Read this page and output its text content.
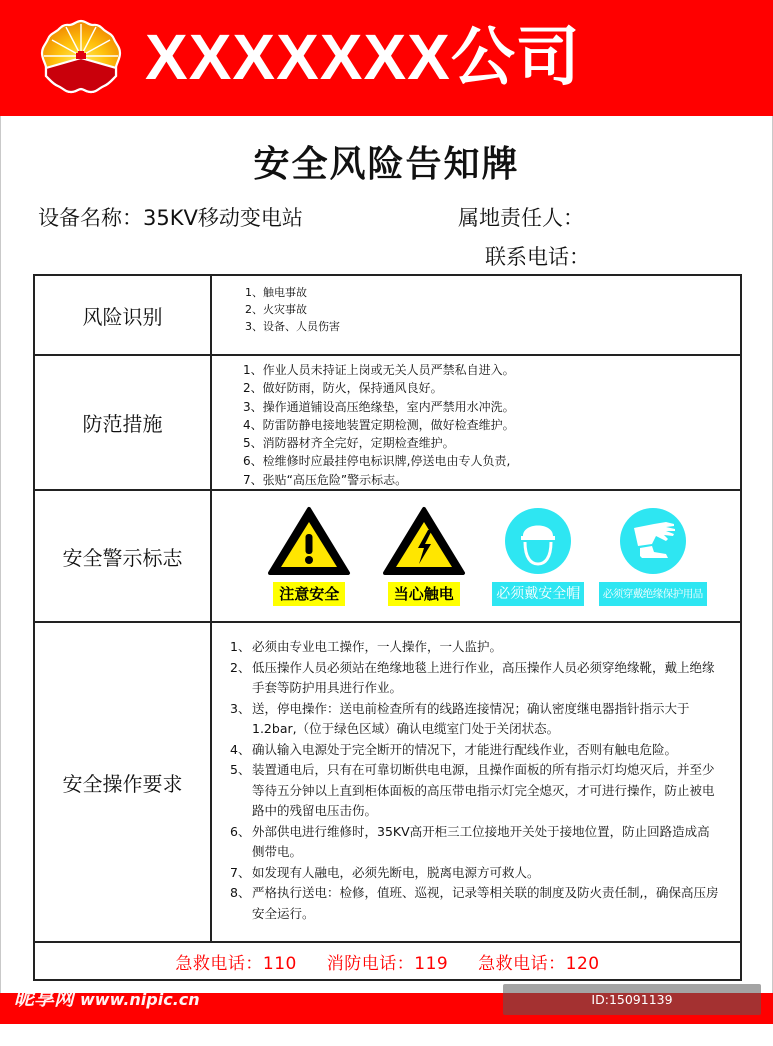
XXXXXXX公司
安全风险告知牌
设备名称：35KV移动变电站	属地责任人：
联系电话：
风险识别	
1、触电事故
2、火灾事故
3、设备、人员伤害

防范措施	
1、作业人员未持证上岗或无关人员严禁私自进入。
2、做好防雨，防火，保持通风良好。
3、操作通道铺设高压绝缘垫，室内严禁用水冲洗。
4、防雷防静电接地装置定期检测，做好检查维护。
5、消防器材齐全完好，定期检查维护。
6、检维修时应最挂停电标识牌,停送电由专人负责,
7、张贴“高压危险”警示标志。

安全警示标志	注意安全 当心触电 必须戴安全帽 必须穿戴绝缘保护用品

安全操作要求	
1、 必须由专业电工操作，一人操作，一人监护。
2、 低压操作人员必须站在绝缘地毯上进行作业，高压操作人员必须穿绝缘靴，戴上绝缘手套等防护用具进行作业。
3、 送，停电操作：送电前检查所有的线路连接情况；确认密度继电器指针指示大于1.2bar,（位于绿色区域）确认电缆室门处于关闭状态。
4、 确认输入电源处于完全断开的情况下，才能进行配线作业，否则有触电危险。
5、 装置通电后，只有在可靠切断供电电源，且操作面板的所有指示灯均熄灭后，并至少等待五分钟以上直到柜体面板的高压带电指示灯完全熄灭，才可进行操作，防止被电路中的残留电压击伤。
6、 外部供电进行维修时，35KV高开柜三工位接地开关处于接地位置，防止回路造成高侧带电。
7、 如发现有人融电，必须先断电，脱离电源方可救人。
8、 严格执行送电：检修，值班、巡视，记录等相关联的制度及防火责任制,，确保高压房安全运行。

急救电话：110 消防电话：119 急救电话：120	
昵享网 www.nipic.cn	ID:15091139 NO:20230823110551908108
